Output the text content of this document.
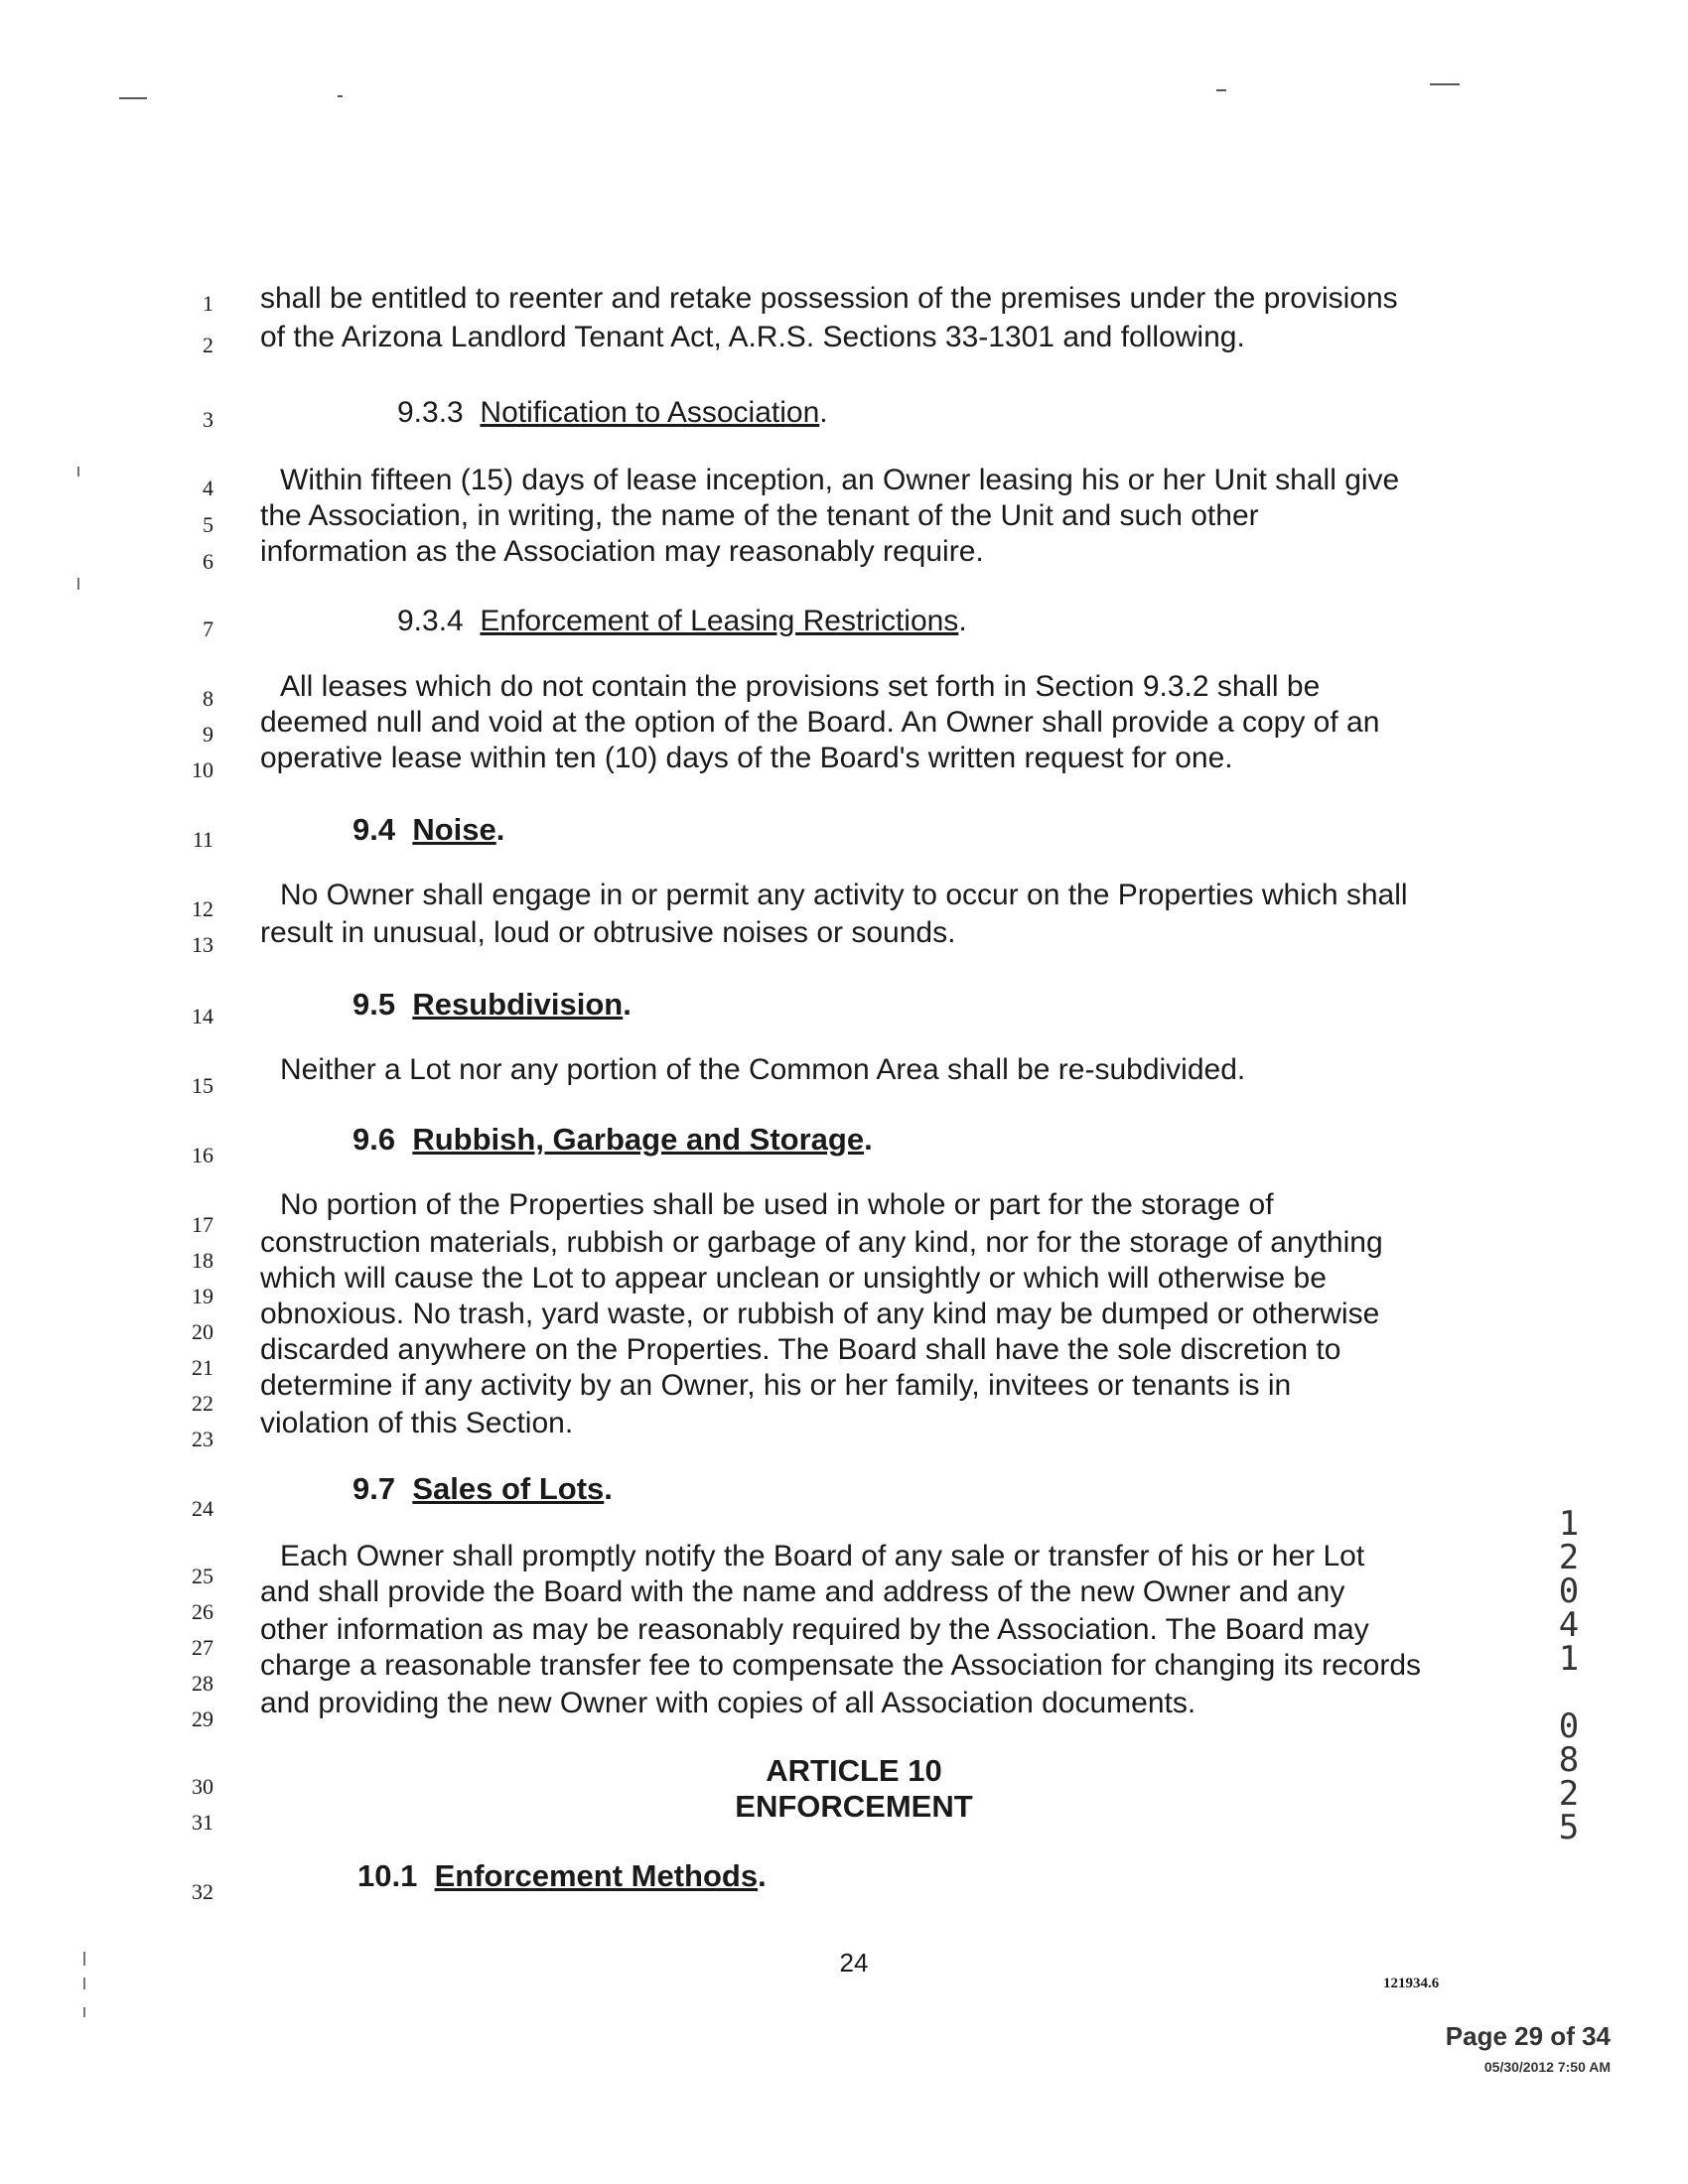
1 shall be entitled to reenter and retake possession of the premises under the provisions
2 of the Arizona Landlord Tenant Act, A.R.S. Sections 33-1301 and following.
3	9.3.3 Notification to Association.
4 Within fifteen (15) days of lease inception, an Owner leasing his or her Unit shall give
5 the Association, in writing, the name of the tenant of the Unit and such other
6 information as the Association may reasonably require.
7	9.3.4 Enforcement of Leasing Restrictions.
8 All leases which do not contain the provisions set forth in Section 9.3.2 shall be
9 deemed null and void at the option of the Board. An Owner shall provide a copy of an
10 operative lease within ten (10) days of the Board's written request for one.
11	9.4 Noise.
12 No Owner shall engage in or permit any activity to occur on the Properties which shall
13 result in unusual, loud or obtrusive noises or sounds.
14	9.5 Resubdivision.
15 Neither a Lot nor any portion of the Common Area shall be re-subdivided.
16	9.6 Rubbish, Garbage and Storage.
17
No portion of the Properties shall be used in whole or part for the storage of
18
construction materials, rubbish or garbage of any kind, nor for the storage of anything
19
which will cause the Lot to appear unclean or unsightly or which will otherwise be
20
obnoxious. No trash, yard waste, or rubbish of any kind may be dumped or otherwise
21
discarded anywhere on the Properties. The Board shall have the sole discretion to
22
determine if any activity by an Owner, his or her family, invitees or tenants is in
23 violation of this Section.
24
9.7 Sales of Lots.
25
Each Owner shall promptly notify the Board of any sale or transfer of his or her Lot
26
and shall provide the Board with the name and address of the new Owner and any
27
other information as may be reasonably required by the Association. The Board may
28
charge a reasonable transfer fee to compensate the Association for changing its records
29 and providing the new Owner with copies of all Association documents.
30	ARTICLE 10
31	ENFORCEMENT
32	10.1 Enforcement Methods.
1
2
0
4
1
0
8
2
5
24
121934.6
Page 29 of 34
05/30/2012 7:50 AM
